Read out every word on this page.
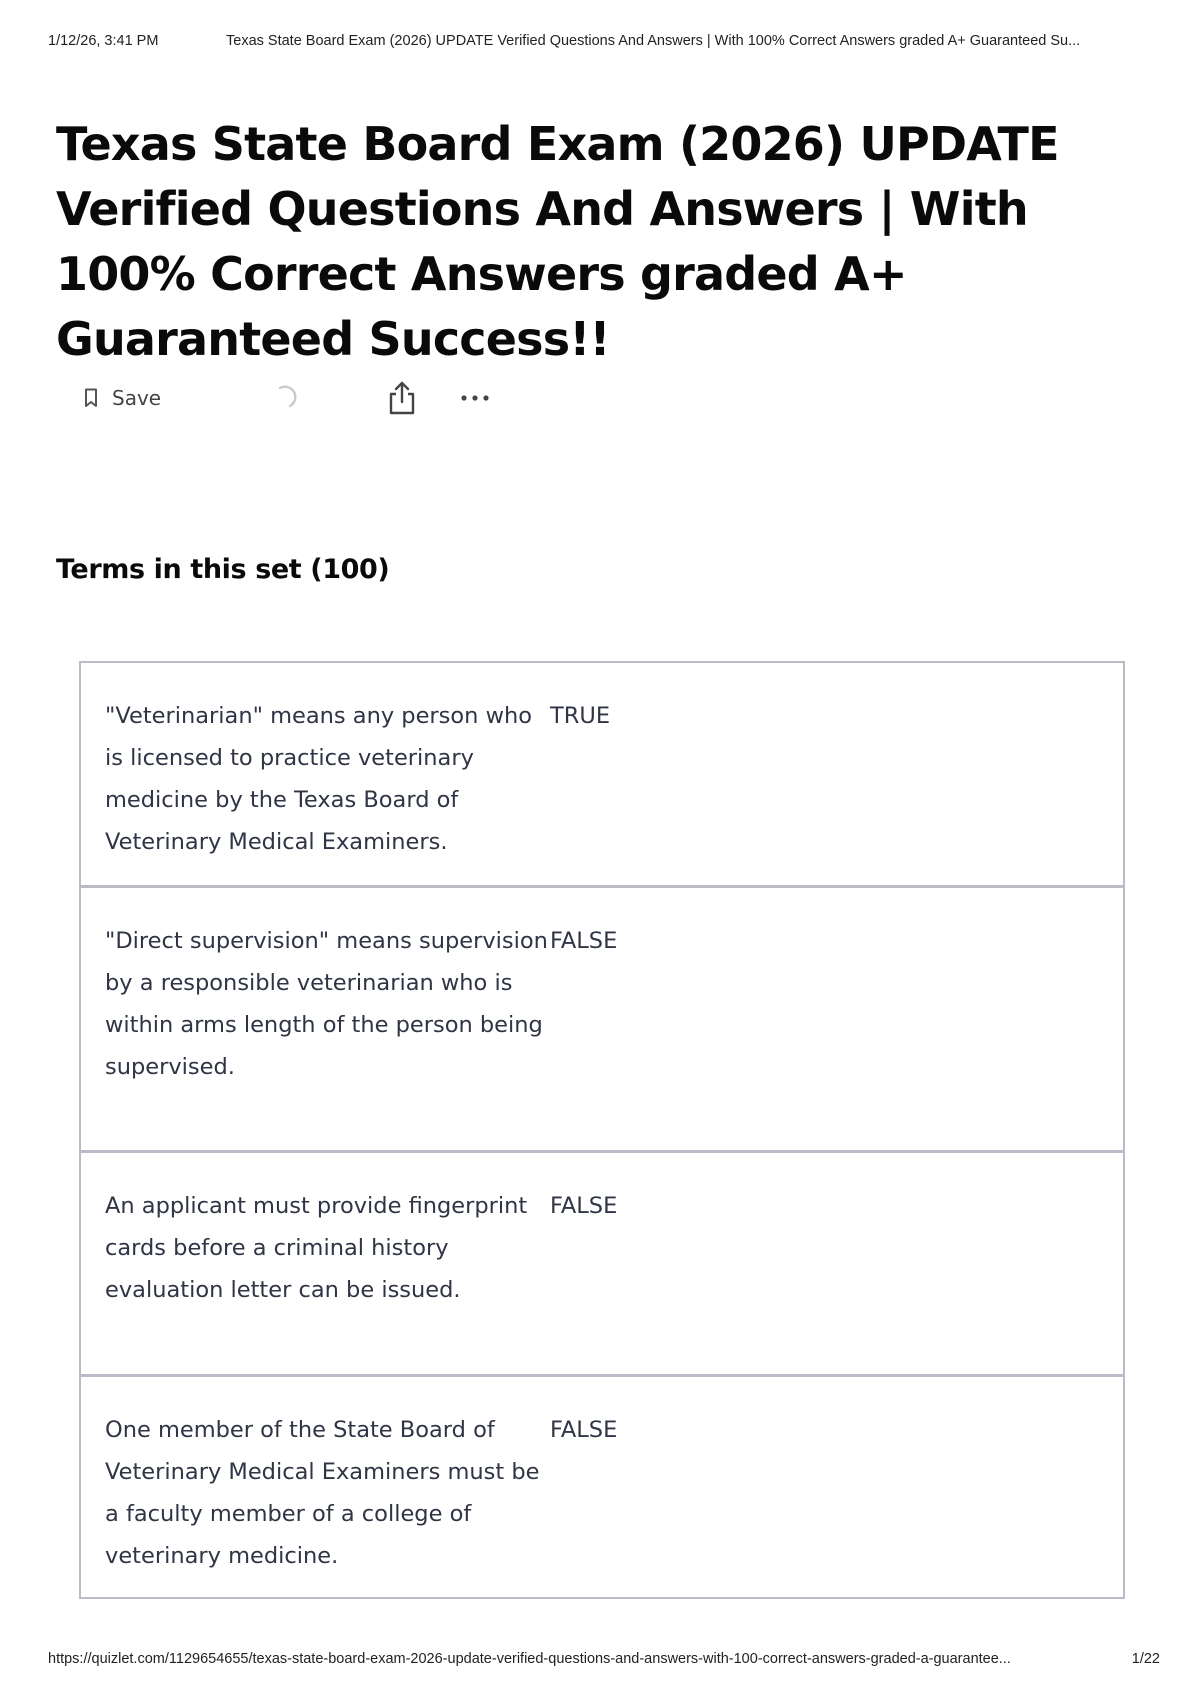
1/12/26, 3:41 PM	Texas State Board Exam (2026) UPDATE Verified Questions And Answers | With 100% Correct Answers graded A+ Guaranteed Su...
Texas State Board Exam (2026) UPDATE Verified Questions And Answers | With 100% Correct Answers graded A+ Guaranteed Success!!
Save
Terms in this set (100)
"Veterinarian" means any person who is licensed to practice veterinary medicine by the Texas Board of Veterinary Medical Examiners.
TRUE
"Direct supervision" means supervision by a responsible veterinarian who is within arms length of the person being supervised.
FALSE
An applicant must provide fingerprint cards before a criminal history evaluation letter can be issued.
FALSE
One member of the State Board of Veterinary Medical Examiners must be a faculty member of a college of veterinary medicine.
FALSE
https://quizlet.com/1129654655/texas-state-board-exam-2026-update-verified-questions-and-answers-with-100-correct-answers-graded-a-guarantee...	1/22
